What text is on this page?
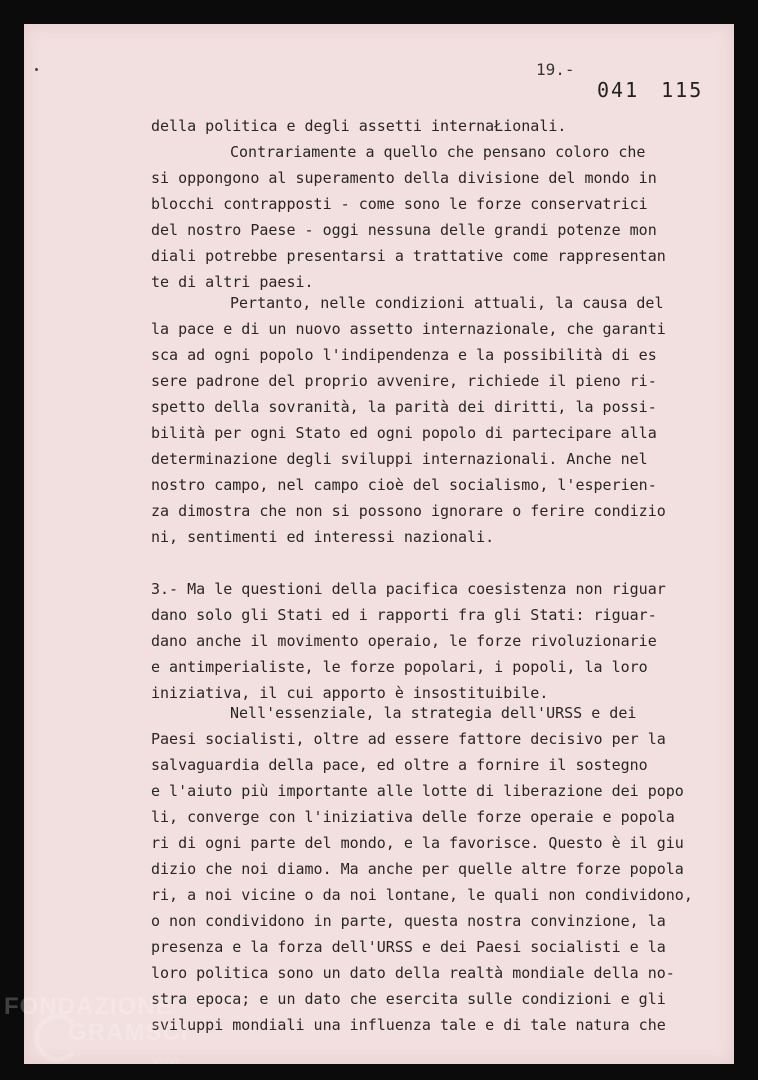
19.-
041 115
della politica e degli assetti internaŁionali.
Contrariamente a quello che pensano coloro che
si oppongono al superamento della divisione del mondo in
blocchi contrapposti - come sono le forze conservatrici
del nostro Paese - oggi nessuna delle grandi potenze mon
diali potrebbe presentarsi a trattative come rappresentan
te di altri paesi.
Pertanto, nelle condizioni attuali, la causa del
la pace e di un nuovo assetto internazionale, che garanti
sca ad ogni popolo l'indipendenza e la possibilità di es
sere padrone del proprio avvenire, richiede il pieno ri-
spetto della sovranità, la parità dei diritti, la possi-
bilità per ogni Stato ed ogni popolo di partecipare alla
determinazione degli sviluppi internazionali. Anche nel
nostro campo, nel campo cioè del socialismo, l'esperien-
za dimostra che non si possono ignorare o ferire condizio
ni, sentimenti ed interessi nazionali.
3.- Ma le questioni della pacifica coesistenza non riguar
dano solo gli Stati ed i rapporti fra gli Stati: riguar-
dano anche il movimento operaio, le forze rivoluzionarie
e antimperialiste, le forze popolari, i popoli, la loro
iniziativa, il cui apporto è insostituibile.
Nell'essenziale, la strategia dell'URSS e dei
Paesi socialisti, oltre ad essere fattore decisivo per la
salvaguardia della pace, ed oltre a fornire il sostegno
e l'aiuto più importante alle lotte di liberazione dei popo
li, converge con l'iniziativa delle forze operaie e popola
ri di ogni parte del mondo, e la favorisce. Questo è il giu
dizio che noi diamo. Ma anche per quelle altre forze popola
ri, a noi vicine o da noi lontane, le quali non condividono,
o non condividono in parte, questa nostra convinzione, la
presenza e la forza dell'URSS e dei Paesi socialisti e la
loro politica sono un dato della realtà mondiale della no-
stra epoca; e un dato che esercita sulle condizioni e gli
sviluppi mondiali una influenza tale e di tale natura che
FONDAZIONE
GRAMSCI
onlus
